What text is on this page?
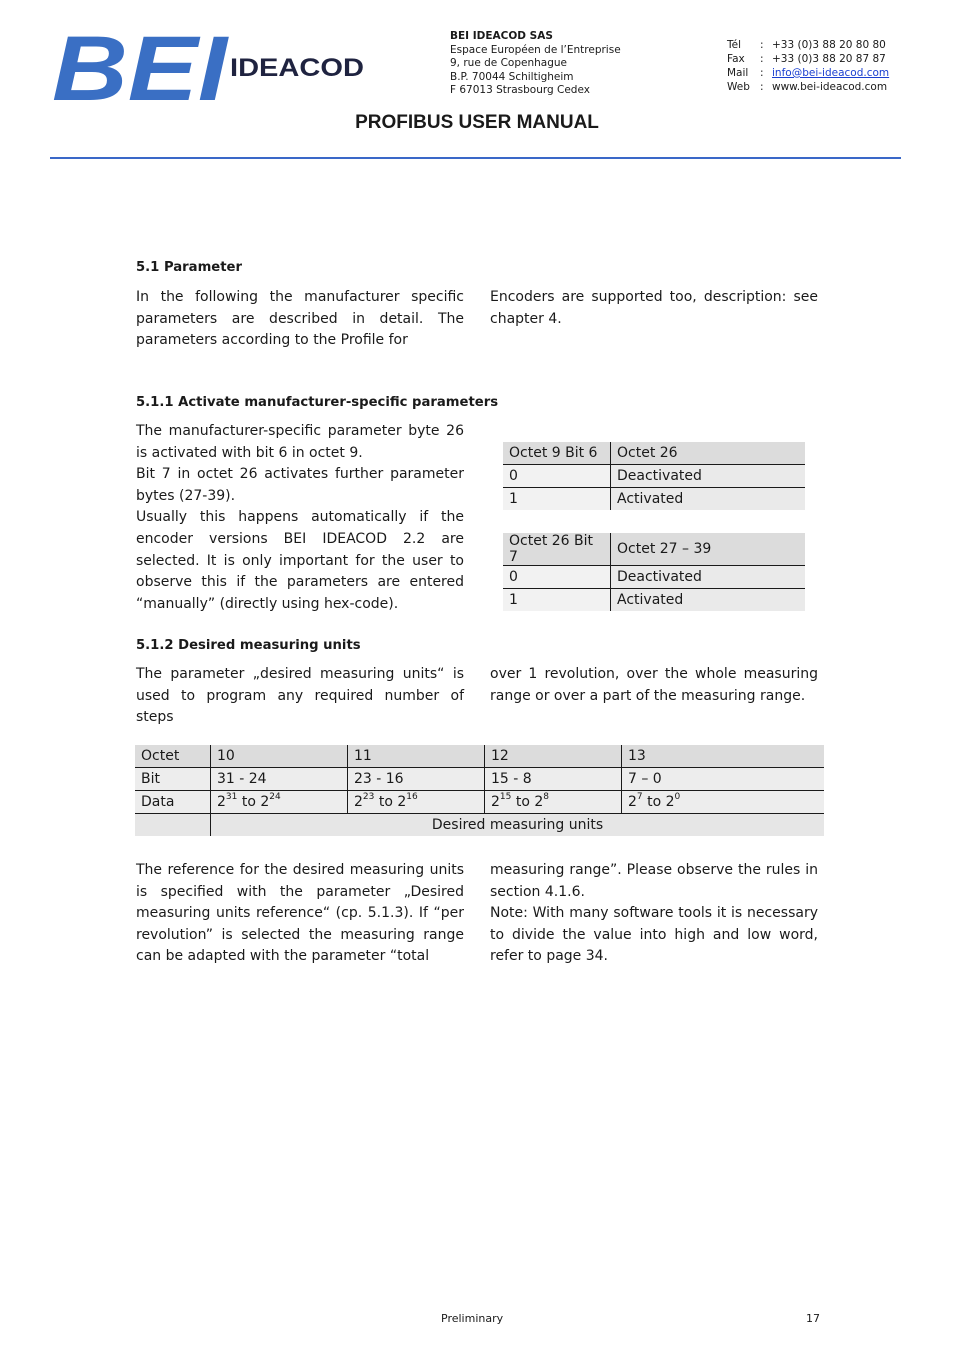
BEI IDEACOD
BEI IDEACOD SAS
Espace Européen de l’Entreprise
9, rue de Copenhague
B.P. 70044 Schiltigheim
F 67013 Strasbourg Cedex
Tél	: +33 (0)3 88 20 80 80
Fax	: +33 (0)3 88 20 87 87
Mail	: info@bei-ideacod.com
Web : www.bei-ideacod.com
PROFIBUS USER MANUAL
5.1 Parameter
In the following the manufacturer specific parameters are described in detail. The parameters according to the Profile for
Encoders are supported too, description: see chapter 4.
5.1.1 Activate manufacturer-specific parameters

The manufacturer-specific parameter byte 26 is activated with bit 6 in octet 9.

Bit 7 in octet 26 activates further parameter bytes (27-39).

Usually this happens automatically if the encoder versions BEI IDEACOD 2.2 are selected. It is only important for the user to observe this if the parameters are entered “manually” (directly using hex-code).

Octet 9 Bit 6	Octet 26
0	Deactivated
1	Activated
Octet 26 Bit 7	Octet 27 – 39
0	Deactivated
1	Activated
5.1.2 Desired measuring units
The parameter „desired measuring units“ is used to program any required number of steps
over 1 revolution, over the whole measuring range or over a part of the measuring range.
Octet	10	11	12	13
Bit	31 - 24	23 - 16	15 - 8	7 – 0
Data	$2^{31}$ to $2^{24}$	$2^{23}$ to $2^{16}$	$2^{15}$ to $2^8$	$2^7$ to $2^0$
	Desired measuring units			
The reference for the desired measuring units is specified with the parameter „Desired measuring units reference“ (cp. 5.1.3). If “per revolution” is selected the measuring range can be adapted with the parameter “total

measuring range”. Please observe the rules in section 4.1.6.

Note: With many software tools it is necessary to divide the value into high and low word, refer to page 34.

Preliminary	17
